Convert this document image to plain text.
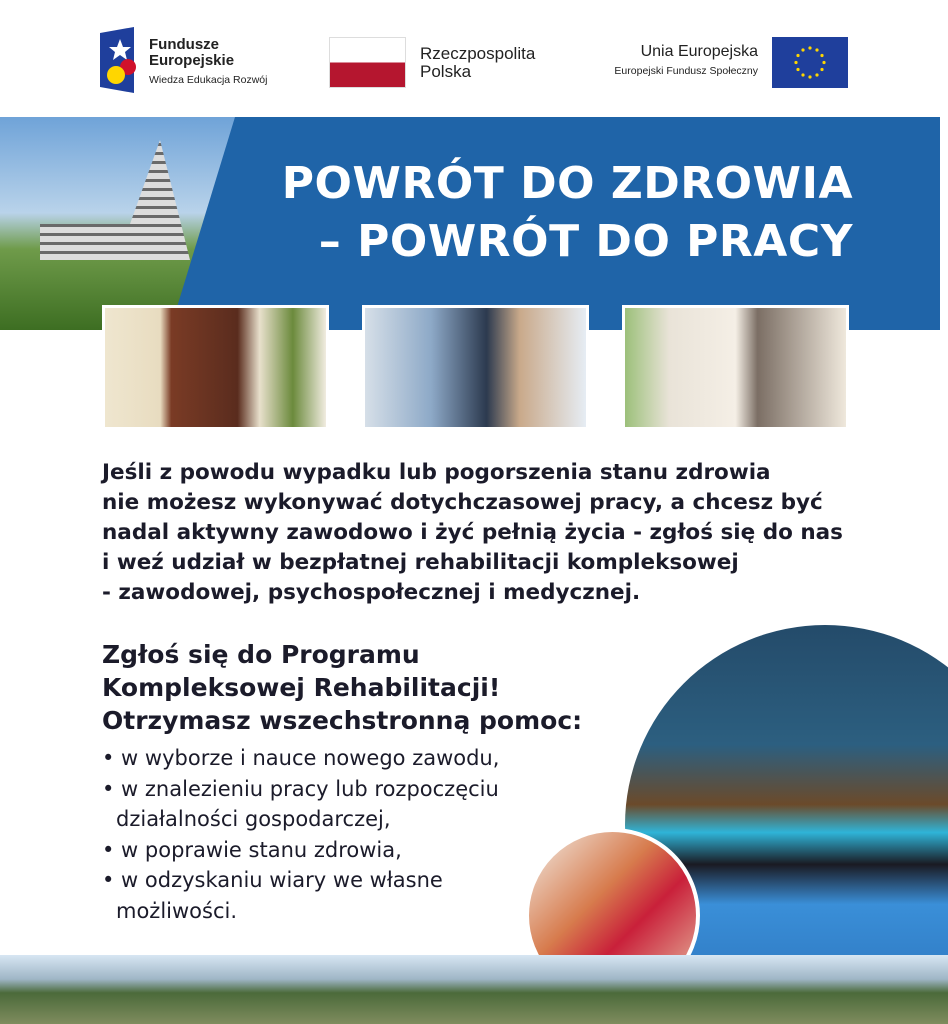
Fundusze
Europejskie
Wiedza Edukacja Rozwój
Rzeczpospolita
Polska
Unia Europejska
Europejski Fundusz Społeczny
POWRÓT DO ZDROWIA
– POWRÓT DO PRACY
Jeśli z powodu wypadku lub pogorszenia stanu zdrowia
nie możesz wykonywać dotychczasowej pracy, a chcesz być
nadal aktywny zawodowo i żyć pełnią życia - zgłoś się do nas
i weź udział w bezpłatnej rehabilitacji kompleksowej
- zawodowej, psychospołecznej i medycznej.
Zgłoś się do Programu
Kompleksowej Rehabilitacji!
Otrzymasz wszechstronną pomoc:
• w wyborze i nauce nowego zawodu,
• w znalezieniu pracy lub rozpoczęciu
działalności gospodarczej,
• w poprawie stanu zdrowia,
• w odzyskaniu wiary we własne
możliwości.
